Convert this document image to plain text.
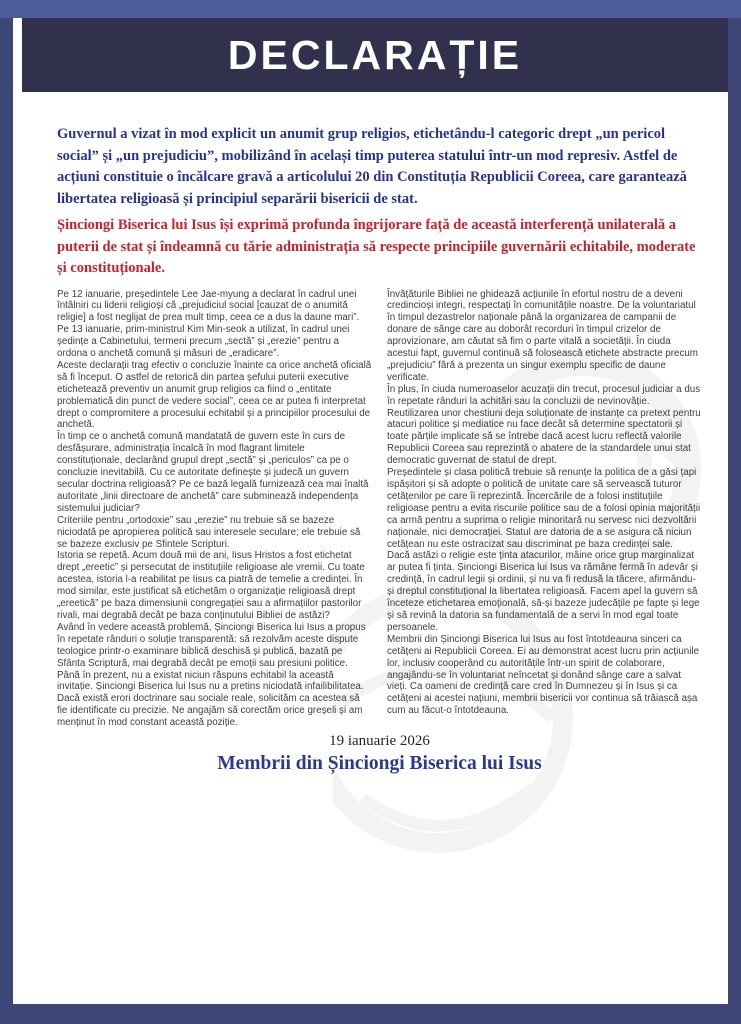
DECLARAȚIE

Guvernul a vizat în mod explicit un anumit grup religios, etichetându-l categoric drept „un pericol social” și „un prejudiciu”, mobilizând în același timp puterea statului într-un mod represiv. Astfel de acțiuni constituie o încălcare gravă a articolului 20 din Constituția Republicii Coreea, care garantează libertatea religioasă și principiul separării bisericii de stat.

Șinciongi Biserica lui Isus își exprimă profunda îngrijorare față de această interferență unilaterală a puterii de stat și îndeamnă cu tărie administrația să respecte principiile guvernării echitabile, moderate și constituționale.

Pe 12 ianuarie, președintele Lee Jae-myung a declarat în cadrul unei întâlniri cu liderii religioși că „prejudiciul social [cauzat de o anumită religie] a fost neglijat de prea mult timp, ceea ce a dus la daune mari”. Pe 13 ianuarie, prim-ministrul Kim Min-seok a utilizat, în cadrul unei ședințe a Cabinetului, termeni precum „sectă” și „erezie” pentru a ordona o anchetă comună și măsuri de „eradicare”.

Aceste declarații trag efectiv o concluzie înainte ca orice anchetă oficială să fi început. O astfel de retorică din partea șefului puterii executive etichetează preventiv un anumit grup religios ca fiind o „entitate problematică din punct de vedere social”, ceea ce ar putea fi interpretat drept o compromitere a procesului echitabil și a principiilor procesului de anchetă.

În timp ce o anchetă comună mandatată de guvern este în curs de desfășurare, administrația încalcă în mod flagrant limitele constituționale, declarând grupul drept „sectă” și „periculos” ca pe o concluzie inevitabilă. Cu ce autoritate definește și judecă un guvern secular doctrina religioasă? Pe ce bază legală furnizează cea mai înaltă autoritate „linii directoare de anchetă” care subminează independența sistemului judiciar?

Criteriile pentru „ortodoxie” sau „erezie” nu trebuie să se bazeze niciodată pe apropierea politică sau interesele seculare; ele trebuie să se bazeze exclusiv pe Sfintele Scripturi.

Istoria se repetă. Acum două mii de ani, Iisus Hristos a fost etichetat drept „ereetic” și persecutat de instituțiile religioase ale vremii. Cu toate acestea, istoria l-a reabilitat pe Iisus ca piatră de temelie a credinței. În mod similar, este justificat să etichetăm o organizație religioasă drept „ereetică” pe baza dimensiunii congregației sau a afirmațiilor pastorilor rivali, mai degrabă decât pe baza conținutului Bibliei de astăzi?

Având în vedere această problemă, Șinciongi Biserica lui Isus a propus în repetate rânduri o soluție transparentă: să rezolvăm aceste dispute teologice printr-o examinare biblică deschisă și publică, bazată pe Sfânta Scriptură, mai degrabă decât pe emoții sau presiuni politice. Până în prezent, nu a existat niciun răspuns echitabil la această invitație. Șinciongi Biserica lui Isus nu a pretins niciodată infailibilitatea. Dacă există erori doctrinare sau sociale reale, solicităm ca acestea să fie identificate cu precizie. Ne angajăm să corectăm orice greșeli și am menținut în mod constant această poziție.

Învățăturile Bibliei ne ghidează acțiunile în efortul nostru de a deveni credincioși integri, respectați în comunitățile noastre. De la voluntariatul în timpul dezastrelor naționale până la organizarea de campanii de donare de sânge care au doborât recorduri în timpul crizelor de aprovizionare, am căutat să fim o parte vitală a societății. În ciuda acestui fapt, guvernul continuă să folosească etichete abstracte precum „prejudiciu” fără a prezenta un singur exemplu specific de daune verificate.

În plus, în ciuda numeroaselor acuzații din trecut, procesul judiciar a dus în repetate rânduri la achitări sau la concluzii de nevinovăție. Reutilizarea unor chestiuni deja soluționate de instanțe ca pretext pentru atacuri politice și mediatice nu face decât să determine spectatorii și toate părțile implicate să se întrebe dacă acest lucru reflectă valorile Republicii Coreea sau reprezintă o abatere de la standardele unui stat democratic guvernat de statul de drept.

Președintele și clasa politică trebuie să renunțe la politica de a găsi țapi ispășitori și să adopte o politică de unitate care să servească tuturor cetățenilor pe care îi reprezintă. Încercările de a folosi instituțiile religioase pentru a evita riscurile politice sau de a folosi opinia majorității ca armă pentru a suprima o religie minoritară nu servesc nici dezvoltării naționale, nici democrației. Statul are datoria de a se asigura că niciun cetățean nu este ostracizat sau discriminat pe baza credinței sale.

Dacă astăzi o religie este ținta atacurilor, mâine orice grup marginalizat ar putea fi ținta. Șinciongi Biserica lui Isus va rămâne fermă în adevăr și credință, în cadrul legii și ordinii, și nu va fi redusă la tăcere, afirmându-și dreptul constituțional la libertatea religioasă. Facem apel la guvern să înceteze etichetarea emoțională, să-și bazeze judecățile pe fapte și lege și să revină la datoria sa fundamentală de a servi în mod egal toate persoanele.

Membrii din Șinciongi Biserica lui Isus au fost întotdeauna sinceri ca cetățeni ai Republicii Coreea. Ei au demonstrat acest lucru prin acțiunile lor, inclusiv cooperând cu autoritățile într-un spirit de colaborare, angajându-se în voluntariat neîncetat și donând sânge care a salvat vieți. Ca oameni de credință care cred în Dumnezeu și în Isus și ca cetățeni ai acestei națiuni, membrii bisericii vor continua să trăiască așa cum au făcut-o întotdeauna.

19 ianuarie 2026

Membrii din Șinciongi Biserica lui Isus
